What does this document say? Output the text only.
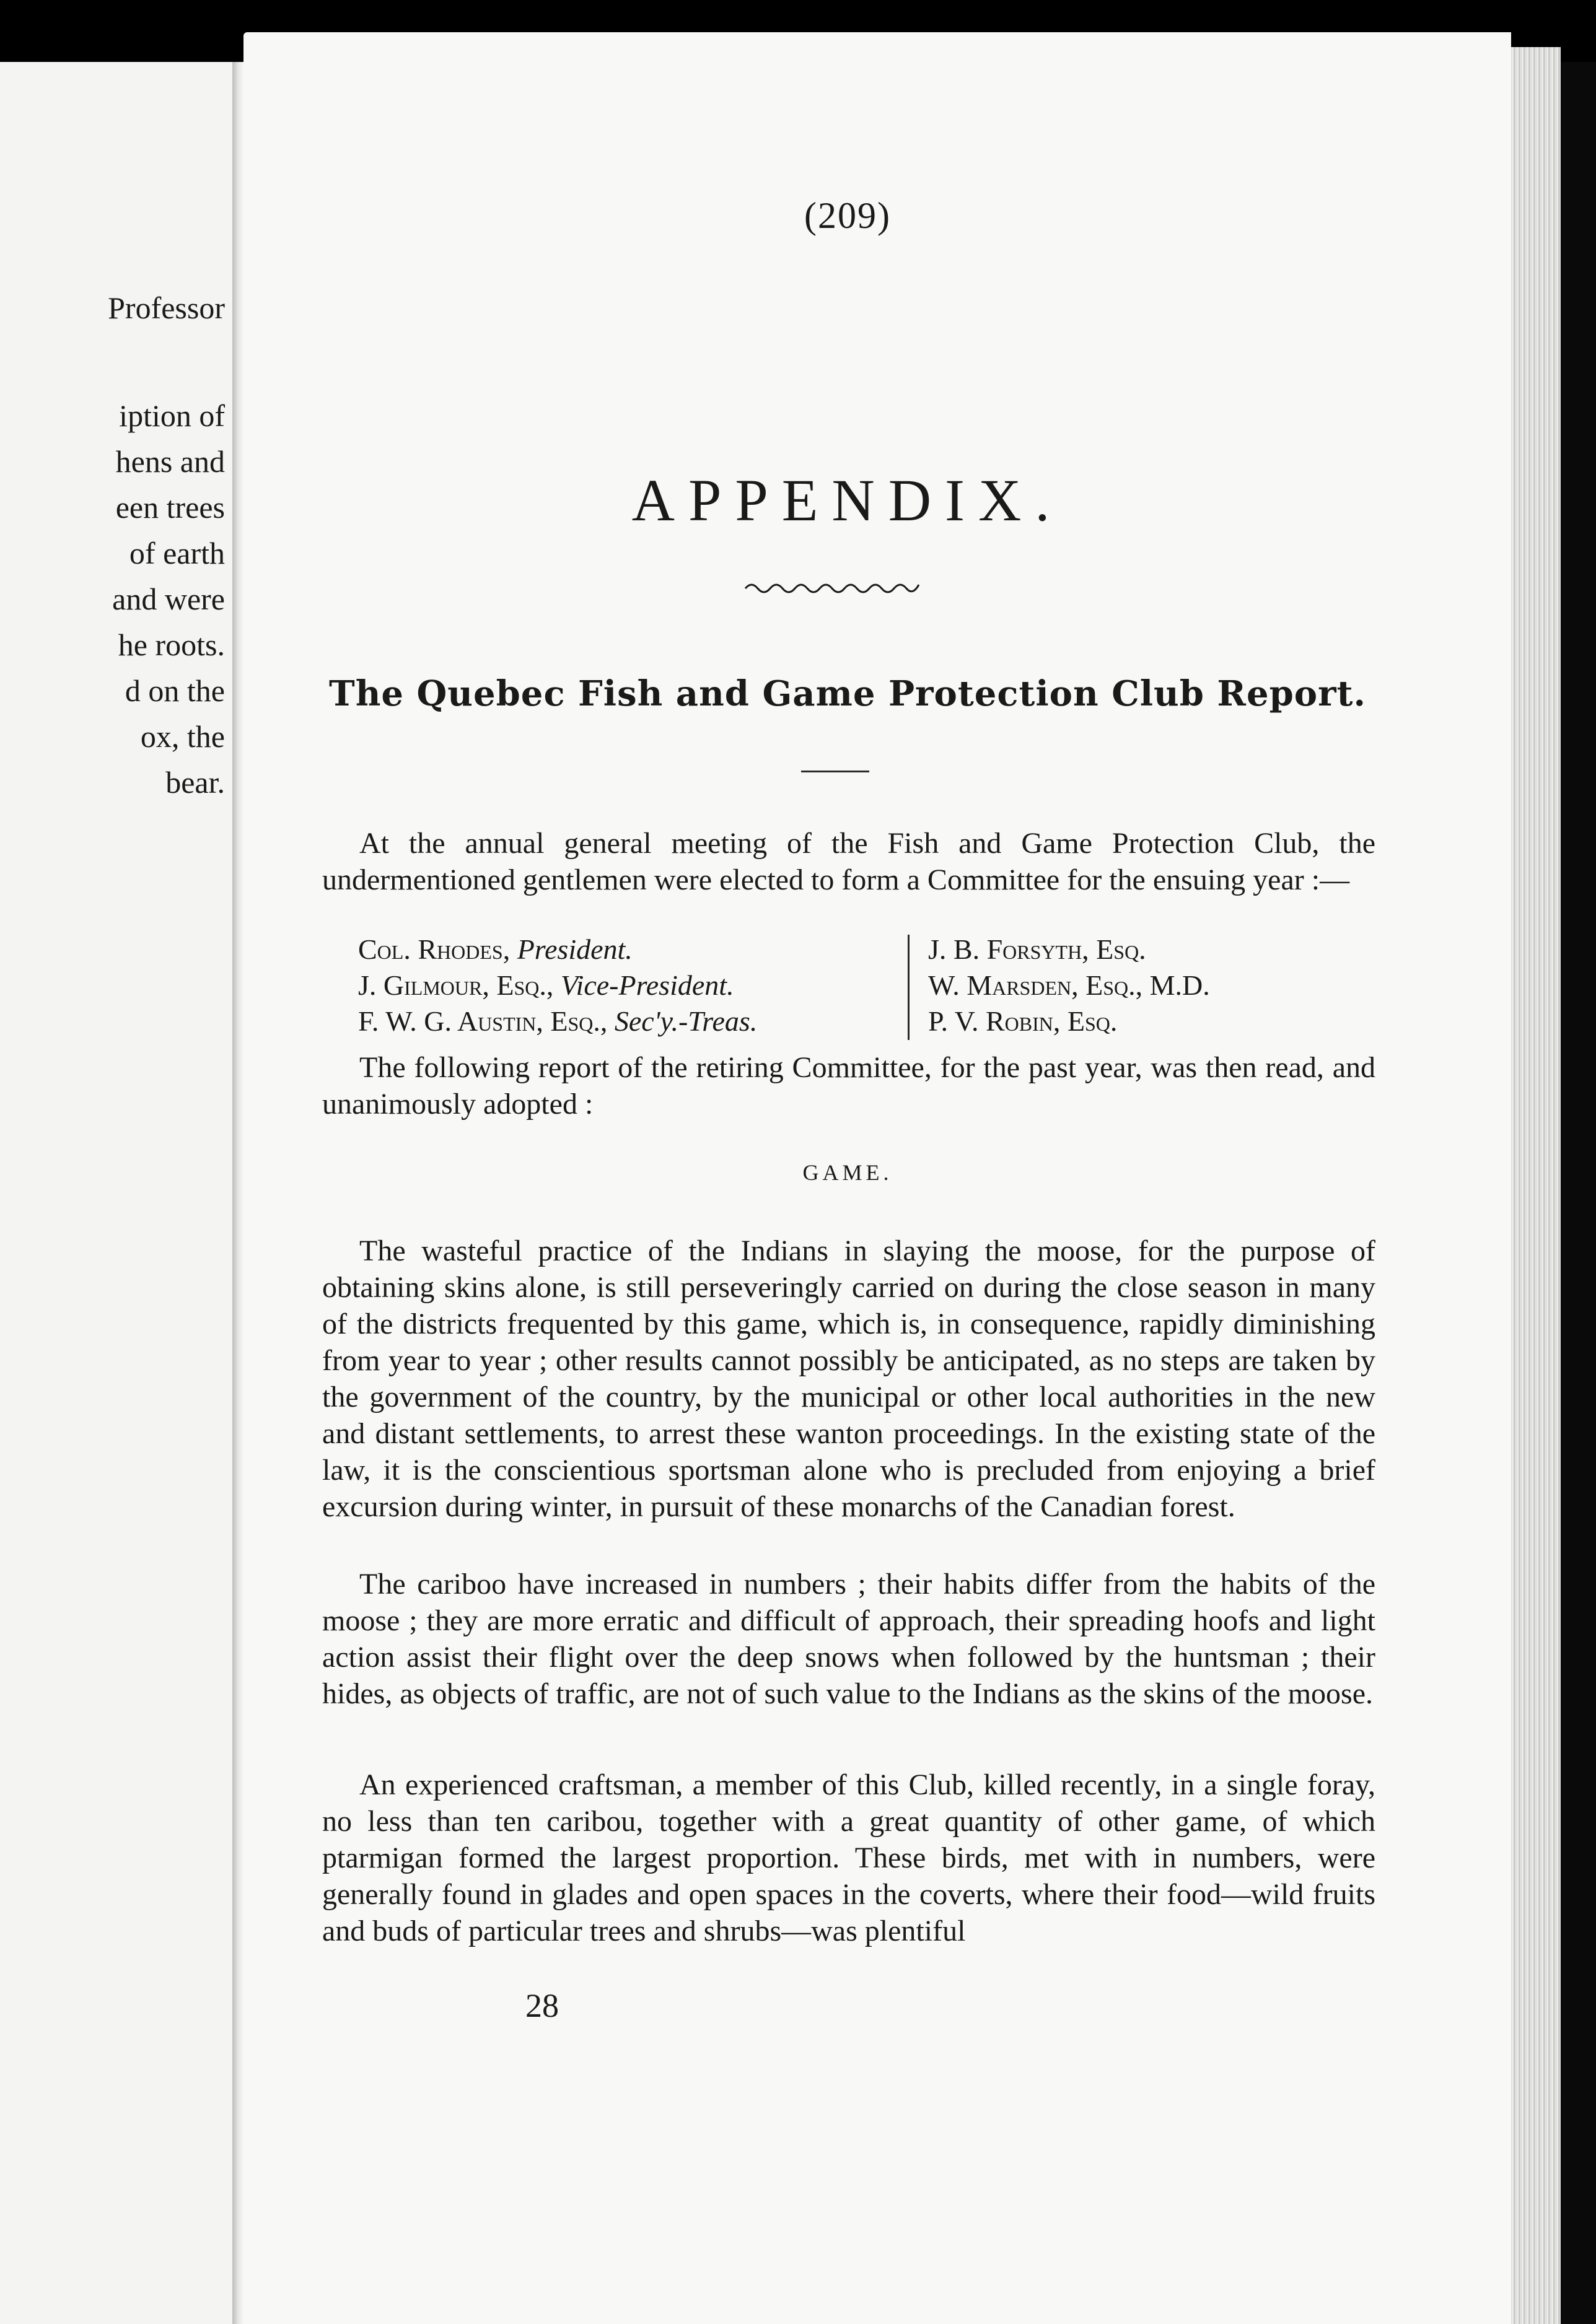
Professor
iption of
hens and
een trees
of earth
and were
he roots.
d on the
ox, the
bear.
(209)
APPENDIX.
The Quebec Fish and Game Protection Club Report.
At the annual general meeting of the Fish and Game Protection Club, the undermentioned gentlemen were elected to form a Committee for the ensuing year :—
Col. Rhodes, President.
J. Gilmour, Esq., Vice-President.
F. W. G. Austin, Esq., Sec'y.-Treas.
J. B. Forsyth, Esq.
W. Marsden, Esq., M.D.
P. V. Robin, Esq.
The following report of the retiring Committee, for the past year, was then read, and unanimously adopted :
GAME.
The wasteful practice of the Indians in slaying the moose, for the purpose of obtaining skins alone, is still perseveringly carried on during the close season in many of the districts frequented by this game, which is, in consequence, rapidly diminishing from year to year ; other results cannot possibly be anticipated, as no steps are taken by the government of the country, by the municipal or other local authorities in the new and distant settlements, to arrest these wanton proceedings. In the existing state of the law, it is the conscientious sportsman alone who is precluded from enjoying a brief excursion during winter, in pursuit of these monarchs of the Canadian forest.
The cariboo have increased in numbers ; their habits differ from the habits of the moose ; they are more erratic and difficult of approach, their spreading hoofs and light action assist their flight over the deep snows when followed by the huntsman ; their hides, as objects of traffic, are not of such value to the Indians as the skins of the moose.
An experienced craftsman, a member of this Club, killed recently, in a single foray, no less than ten caribou, together with a great quantity of other game, of which ptarmigan formed the largest proportion. These birds, met with in numbers, were generally found in glades and open spaces in the coverts, where their food—wild fruits and buds of particular trees and shrubs—was plentiful
28
